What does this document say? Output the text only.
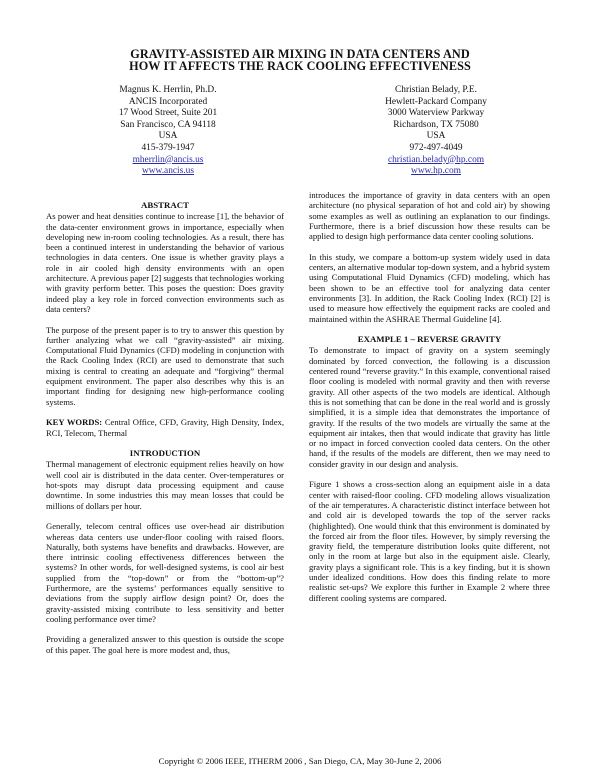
GRAVITY-ASSISTED AIR MIXING IN DATA CENTERS AND
HOW IT AFFECTS THE RACK COOLING EFFECTIVENESS
Magnus K. Herrlin, Ph.D.
ANCIS Incorporated
17 Wood Street, Suite 201
San Francisco, CA 94118
USA
415-379-1947
mherrlin@ancis.us
www.ancis.us
Christian Belady, P.E.
Hewlett-Packard Company
3000 Waterview Parkway
Richardson, TX 75080
USA
972-497-4049
christian.belady@hp.com
www.hp.com
ABSTRACT

As power and heat densities continue to increase [1], the behavior of the data-center environment grows in importance, especially when developing new in-room cooling technologies. As a result, there has been a continued interest in understanding the behavior of various technologies in data centers. One issue is whether gravity plays a role in air cooled high density environments with an open architecture. A previous paper [2] suggests that technologies working with gravity perform better. This poses the question: Does gravity indeed play a key role in forced convection environments such as data centers?

The purpose of the present paper is to try to answer this question by further analyzing what we call “gravity-assisted” air mixing. Computational Fluid Dynamics (CFD) modeling in conjunction with the Rack Cooling Index (RCI) are used to demonstrate that such mixing is central to creating an adequate and “forgiving” thermal equipment environment. The paper also describes why this is an important finding for designing new high-performance cooling systems.

KEY WORDS: Central Office, CFD, Gravity, High Density, Index, RCI, Telecom, Thermal

INTRODUCTION

Thermal management of electronic equipment relies heavily on how well cool air is distributed in the data center. Over-temperatures or hot-spots may disrupt data processing equipment and cause downtime. In some industries this may mean losses that could be millions of dollars per hour.

Generally, telecom central offices use over-head air distribution whereas data centers use under-floor cooling with raised floors. Naturally, both systems have benefits and drawbacks. However, are there intrinsic cooling effectiveness differences between the systems? In other words, for well-designed systems, is cool air best supplied from the “top-down” or from the “bottom-up”? Furthermore, are the systems’ performances equally sensitive to deviations from the supply airflow design point? Or, does the gravity-assisted mixing contribute to less sensitivity and better cooling performance over time?

Providing a generalized answer to this question is outside the scope of this paper. The goal here is more modest and, thus,

introduces the importance of gravity in data centers with an open architecture (no physical separation of hot and cold air) by showing some examples as well as outlining an explanation to our findings. Furthermore, there is a brief discussion how these results can be applied to design high performance data center cooling solutions.

In this study, we compare a bottom-up system widely used in data centers, an alternative modular top-down system, and a hybrid system using Computational Fluid Dynamics (CFD) modeling, which has been shown to be an effective tool for analyzing data center environments [3]. In addition, the Rack Cooling Index (RCI) [2] is used to measure how effectively the equipment racks are cooled and maintained within the ASHRAE Thermal Guideline [4].

EXAMPLE 1 – REVERSE GRAVITY

To demonstrate to impact of gravity on a system seemingly dominated by forced convection, the following is a discussion centered round “reverse gravity.” In this example, conventional raised floor cooling is modeled with normal gravity and then with reverse gravity. All other aspects of the two models are identical. Although this is not something that can be done in the real world and is grossly simplified, it is a simple idea that demonstrates the importance of gravity. If the results of the two models are virtually the same at the equipment air intakes, then that would indicate that gravity has little or no impact in forced convection cooled data centers. On the other hand, if the results of the models are different, then we may need to consider gravity in our design and analysis.

Figure 1 shows a cross-section along an equipment aisle in a data center with raised-floor cooling. CFD modeling allows visualization of the air temperatures. A characteristic distinct interface between hot and cold air is developed towards the top of the server racks (highlighted). One would think that this environment is dominated by the forced air from the floor tiles. However, by simply reversing the gravity field, the temperature distribution looks quite different, not only in the room at large but also in the equipment aisle. Clearly, gravity plays a significant role. This is a key finding, but it is shown under idealized conditions. How does this finding relate to more realistic set-ups? We explore this further in Example 2 where three different cooling systems are compared.

Copyright © 2006 IEEE, ITHERM 2006 , San Diego, CA, May 30-June 2, 2006
